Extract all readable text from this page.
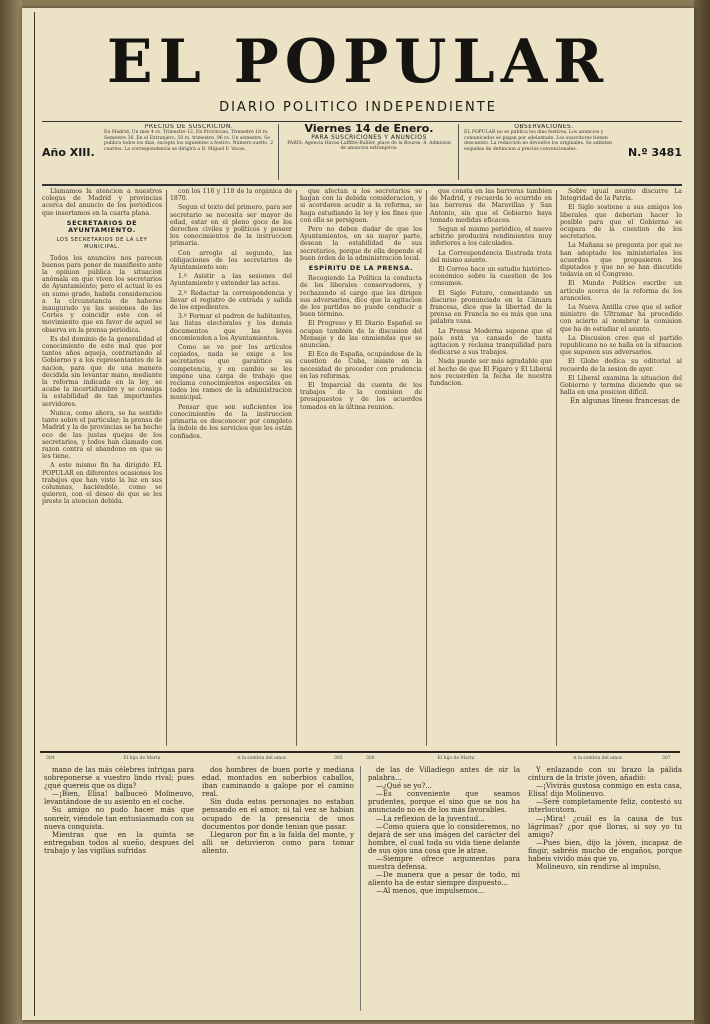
EL POPULAR
DIARIO POLITICO INDEPENDIENTE
Año XIII.
PRECIOS DE SUSCRICION.
En Madrid, Un mes 4 rs. Trimestre 12. En Provincias, Trimestre 18 rs. Semestre 36. En el Extranjero, 50 rs. trimestre. 96 rs. Un semestre. Se publica todos los dias, excepto los siguientes a festivo. Número suelto, 2 cuartos. La correspondencia se dirigirá a D. Miguel F. Vacas.
Viernes 14 de Enero.
PARA SUSCRICIONES Y ANUNCIOS
PARIS: Agencia Havas-Laffitte-Bullier, place de la Bourse, 8. Admision de anuncios extranjeros.
OBSERVACIONES.
EL POPULAR no se publica los dias festivos. Los anuncios y comunicados se pagan por adelantado. Los suscritores tienen descuento. La redaccion no devuelve los originales. Se admiten esquelas de defuncion a precios convencionales.	N.º 3481

Llamamos la atencion a nuestros colegas de Madrid y provincias acerca del anuncio de los periódicos que insertamos en la cuarta plana.

SECRETARIOS DE AYUNTAMIENTO.
LOS SECRETARIOS DE LA LEY MUNICIPAL.

Todos los anuncios nos parecen buenos para poner de manifiesto ante la opinion pública la situacion anómala en que viven los secretarios de Ayuntamiento; pero el actual lo es en sumo grado, habida consideracion a la circunstancia de haberse inaugurado ya las sesiones de las Cortes y coincidir este con el movimiento que en favor de aquel se observa en la prensa periódica.

Es del dominio de la generalidad el conocimiento de este mal que por tantos años aqueja, contrariando al Gobierno y a los representantes de la nacion, para que de una manera decidida sin levantar mano, mediante la reforma indicada en la ley, se acabe la incertidumbre y se consiga la estabilidad de tan importantes servidores.

Nunca, como ahora, se ha sentido tanto sobre el particular; la prensa de Madrid y la de provincias se ha hecho eco de las justas quejas de los secretarios, y todos han clamado con razon contra el abandono en que se les tiene.

A este mismo fin ha dirigido EL POPULAR en diferentes ocasiones los trabajos que han visto la luz en sus columnas, haciéndolo, como se quieren, con el deseo de que se les preste la atencion debida.

con los 116 y 118 de la orgánica de 1870.

Segun el texto del primero, para ser secretario se necesita ser mayor de edad, estar en el pleno goce de los derechos civiles y políticos y poseer los conocimientos de la instruccion primaria.

Con arreglo al segundo, las obligaciones de los secretarios de Ayuntamiento son:

1.º Asistir a las sesiones del Ayuntamiento y extender las actas.

2.º Redactar la correspondencia y llevar el registro de entrada y salida de los expedientes.

3.º Formar el padron de habitantes, las listas electorales y los demás documentos que las leyes encomienden a los Ayuntamientos.

Como se ve por los artículos copiados, nada se exige a los secretarios que garantice su competencia, y en cambio se les impone una carga de trabajo que reclama conocimientos especiales en todos los ramos de la administracion municipal.

Pensar que son suficientes los conocimientos de la instruccion primaria es desconocer por completo la índole de los servicios que les están confiados.

que afectan a los secretarios se hagan con la debida consideracion, y si acordaren acudir a la reforma, se haga estudiando la ley y los fines que con ella se persiguen.

Pero no deben dudar de que los Ayuntamientos, en su mayor parte, desean la estabilidad de sus secretarios, porque de ella depende el buen órden de la administracion local.

ESPÍRITU DE LA PRENSA.

Recogiendo La Política la conducta de los liberales conservadores, y rechazando el cargo que les dirigen sus adversarios, dice que la agitacion de los partidos no puede conducir a buen término.

El Progreso y El Diario Español se ocupan también de la discusion del Mensaje y de las enmiendas que se anuncian.

El Eco de España, ocupándose de la cuestion de Cuba, insiste en la necesidad de proceder con prudencia en las reformas.

El Imparcial da cuenta de los trabajos de la comision de presupuestos y de los acuerdos tomados en la última reunion.

que consta en las barreras tambien de Madrid, y recuerda lo ocurrido en las barreras de Maravillas y San Antonio, sin que el Gobierno haya tomado medidas eficaces.

Segun el mismo periódico, el nuevo arbitrio producirá rendimientos muy inferiores a los calculados.

La Correspondencia Ilustrada trata del mismo asunto.

El Correo hace un estudio histórico-económico sobre la cuestion de los consumos.

El Siglo Futuro, comentando un discurso pronunciado en la Cámara francesa, dice que la libertad de la prensa en Francia no es más que una palabra vana.

La Prensa Moderna supone que el país está ya cansado de tanta agitacion y reclama tranquilidad para dedicarse a sus trabajos.

Nada puede ser más agradable que el hecho de que El Fígaro y El Liberal nos recuerden la fecha de nuestra fundacion.

Sobre igual asunto discurre La Integridad de la Patria.

El Siglo sostiene a sus amigos los liberales que deberian hacer lo posible para que el Gobierno se ocupara de la cuestion de los secretarios.

La Mañana se pregunta por qué no han adoptado los ministeriales los acuerdos que propusieron los diputados y que no se han discutido todavía en el Congreso.

El Mundo Político escribe un artículo acerca de la reforma de los aranceles.

La Nueva Antilla cree que el señor ministro de Ultramar ha procedido con acierto al nombrar la comision que ha de estudiar el asunto.

La Discusion cree que el partido republicano no se halla en la situacion que suponen sus adversarios.

El Globo dedica su editorial al recuerdo de la sesion de ayer.

El Liberal examina la situacion del Gobierno y termina diciendo que se halla en una posicion difícil.

En algunas líneas francesas de

304	El hijo de Marta	A la sombra del amor.	305	306	El hijo de Marta	A la sombra del amor.	307

mano de las más célebres intrigas para sobreponerse a vuestro lindo rival; pues ¿qué quereis que os diga?

—¡Bien, Elisa! balbuceó Molineuvo, levantándose de su asiento en el coche.

Su amigo no pudo hacer más que sonreir, viéndole tan entusiasmado con su nueva conquista.

Mientras que en la quinta se entregaban todos al sueño, despues del trabajo y las vigilias sufridas

dos hombres de buen porte y mediana edad, montados en soberbios caballos, iban caminando a galope por el camino real.

Sin duda estos personajes no estaban pensando en el amor, ni tal vez se habian ocupado de la presencia de unos documentos por donde tenian que pasar.

Llegaron por fin a la falda del monte, y alli se detuvieron como para tomar aliento.

de las de Villadiego antes de oir la palabra...

—¿Qué se yo?...

—Es conveniente que seamos prudentes, porque el sino que se nos ha anunciado no es de los más favorables.

—La reflexion de la juventud...

—Como quiera que lo consideremos, no dejará de ser una imágen del carácter del hombre, el cual toda su vida tiene delante de sus ojos una cosa que le atrae.

—Siempre ofrece argumentos para nuestra defensa.

—De manera que a pesar de todo, mi aliento ha de estar siempre dispuesto...

—Al menos, que impulsemos...

Y enlazando con su brazo la pálida cintura de la triste jóven, añadió:

—¡Vivirás gustosa conmigo en esta casa, Elisa! dijo Molineuvo.

—Seré completamente feliz, contestó su interlocutora.

—¡Mira! ¿cuál es la causa de tus lágrimas? ¿por qué lloras, si soy yo tu amigo?

—Pues bien, dijo la jóven, incapaz de fingir, sabréis mucho de engaños, porque habeis vivido más que yo.

Molineuvo, sin rendirse al impulso,
